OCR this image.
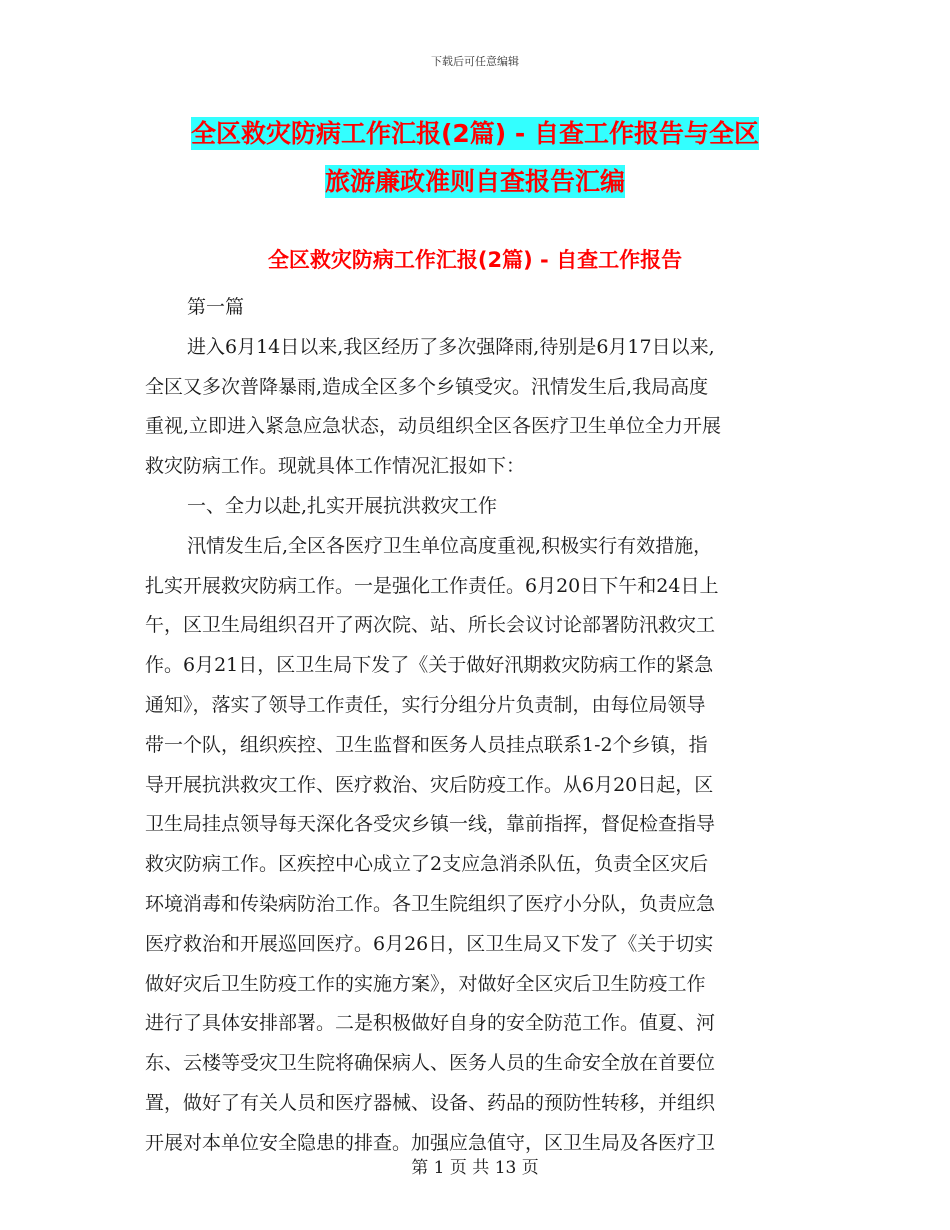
下载后可任意编辑
全区救灾防病工作汇报(2篇) - 自查工作报告与全区
旅游廉政准则自查报告汇编
全区救灾防病工作汇报(2篇) - 自查工作报告
第一篇
进入6月14日以来,我区经历了多次强降雨,待别是6月17日以来,
全区又多次普降暴雨,造成全区多个乡镇受灾。汛情发生后,我局高度
重视,立即进入紧急应急状态，动员组织全区各医疗卫生单位全力开展
救灾防病工作。现就具体工作情况汇报如下：
一、全力以赴,扎实开展抗洪救灾工作
汛情发生后,全区各医疗卫生单位高度重视,积极实行有效措施，
扎实开展救灾防病工作。一是强化工作责任。6月20日下午和24日上
午，区卫生局组织召开了两次院、站、所长会议讨论部署防汛救灾工
作。6月21日，区卫生局下发了《关于做好汛期救灾防病工作的紧急
通知》，落实了领导工作责任，实行分组分片负责制，由每位局领导
带一个队，组织疾控、卫生监督和医务人员挂点联系1-2个乡镇，指
导开展抗洪救灾工作、医疗救治、灾后防疫工作。从6月20日起，区
卫生局挂点领导每天深化各受灾乡镇一线，靠前指挥，督促检查指导
救灾防病工作。区疾控中心成立了2支应急消杀队伍，负责全区灾后
环境消毒和传染病防治工作。各卫生院组织了医疗小分队，负责应急
医疗救治和开展巡回医疗。6月26日，区卫生局又下发了《关于切实
做好灾后卫生防疫工作的实施方案》，对做好全区灾后卫生防疫工作
进行了具体安排部署。二是积极做好自身的安全防范工作。值夏、河
东、云楼等受灾卫生院将确保病人、医务人员的生命安全放在首要位
置，做好了有关人员和医疗器械、设备、药品的预防性转移，并组织
开展对本单位安全隐患的排查。加强应急值守，区卫生局及各医疗卫
第 1 页 共 13 页
